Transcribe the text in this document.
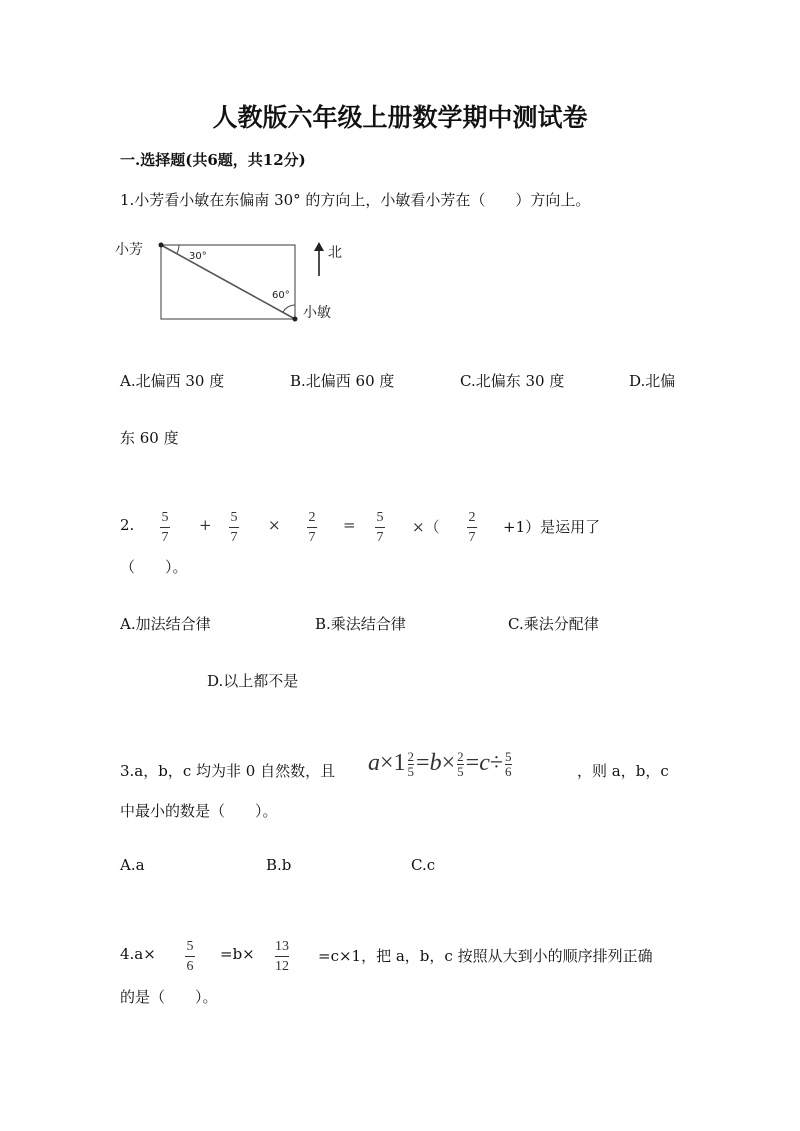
人教版六年级上册数学期中测试卷
一.选择题(共6题，共12分)
1.小芳看小敏在东偏南 30° 的方向上，小敏看小芳在（　　）方向上。
小芳
小敏
30°
60°
北
A.北偏西 30 度	B.北偏西 60 度	C.北偏东 30 度	D.北偏
东 60 度
2. 5
7
+ 5
7
× 2
7
= 5
7
×（
2
7
+1）是运用了
（　　）。
A.加法结合律	B.乘法结合律	C.乘法分配律
D.以上都不是
3.a，b，c 均为非 0 自然数，且 $a\times 1 \frac{2}{5} =b\times \frac{2}{5} =c\div \frac{5}{6}$	，则 a，b，c
中最小的数是（　　）。
A.a	B.b	C.c
4.a× 5
6
=b× 13
12
=c×1，把 a，b，c 按照从大到小的顺序排列正确
的是（　　）。
